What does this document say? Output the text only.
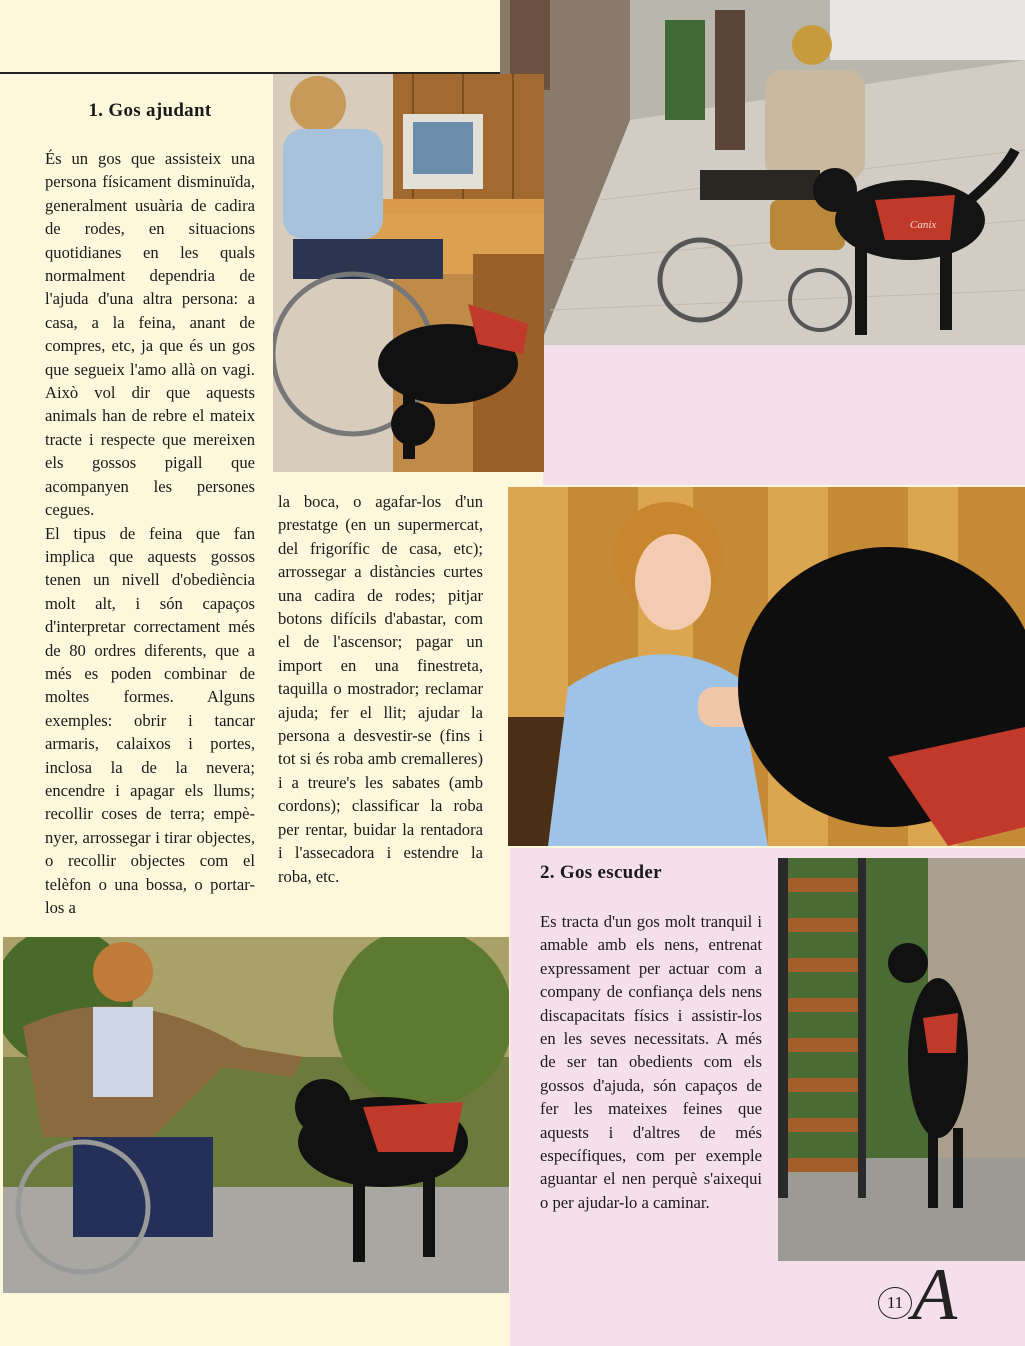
Canix
1. Gos ajudant

És un gos que assisteix una persona físicament disminuïda, generalment usuària de cadira de rodes, en situacions quotidianes en les quals normalment dependria de l'ajuda d'una altra persona: a casa, a la feina, anant de compres, etc, ja que és un gos que segueix l'amo allà on vagi. Això vol dir que aquests animals han de rebre el mateix tracte i respecte que mereixen els gossos pigall que acompanyen les persones cegues.

El tipus de feina que fan implica que aquests gossos tenen un nivell d'obediència molt alt, i són capaços d'interpretar correctament més de 80 ordres diferents, que a més es poden combinar de moltes formes. Alguns exemples: obrir i tancar armaris, calaixos i portes, inclosa la de la nevera; encendre i apagar els llums; recollir coses de terra; empè-nyer, arrossegar i tirar objectes, o recollir objectes com el telèfon o una bossa, o portar-los a

la boca, o agafar-los d'un prestatge (en un supermercat, del frigorífic de casa, etc); arrossegar a distàncies curtes una cadira de rodes; pitjar botons difícils d'abastar, com el de l'ascensor; pagar un import en una finestreta, taquilla o mostrador; reclamar ajuda; fer el llit; ajudar la persona a desvestir-se (fins i tot si és roba amb cremalleres) i a treure's les sabates (amb cordons); classificar la roba per rentar, buidar la rentadora i l'assecadora i estendre la roba, etc.	2. Gos escuder

Es tracta d'un gos molt tranquil i amable amb els nens, entrenat expressament per actuar com a company de confiança dels nens discapacitats físics i assistir-los en les seves necessitats. A més de ser tan obedients com els gossos d'ajuda, són capaços de fer les mateixes feines que aquests i d'altres de més específiques, com per exemple aguantar el nen perquè s'aixequi o per ajudar-lo a caminar.

11 A
